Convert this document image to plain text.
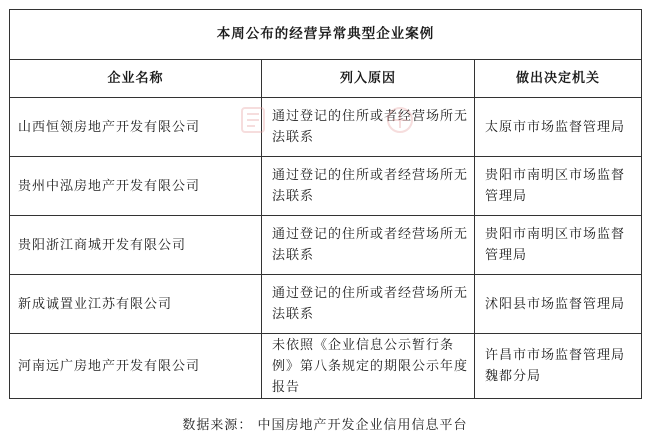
本周公布的经营异常典型企业案例		
企业名称	列入原因	做出决定机关
山西恒领房地产开发有限公司	通过登记的住所或者经营场所无法联系	太原市市场监督管理局
贵州中泓房地产开发有限公司	通过登记的住所或者经营场所无法联系	贵阳市南明区市场监督管理局
贵阳浙江商城开发有限公司	通过登记的住所或者经营场所无法联系	贵阳市南明区市场监督管理局
新成诚置业江苏有限公司	通过登记的住所或者经营场所无法联系	沭阳县市场监督管理局
河南远广房地产开发有限公司	未依照《企业信息公示暂行条例》第八条规定的期限公示年度报告	许昌市市场监督管理局魏都分局
数据来源： 中国房地产开发企业信用信息平台
